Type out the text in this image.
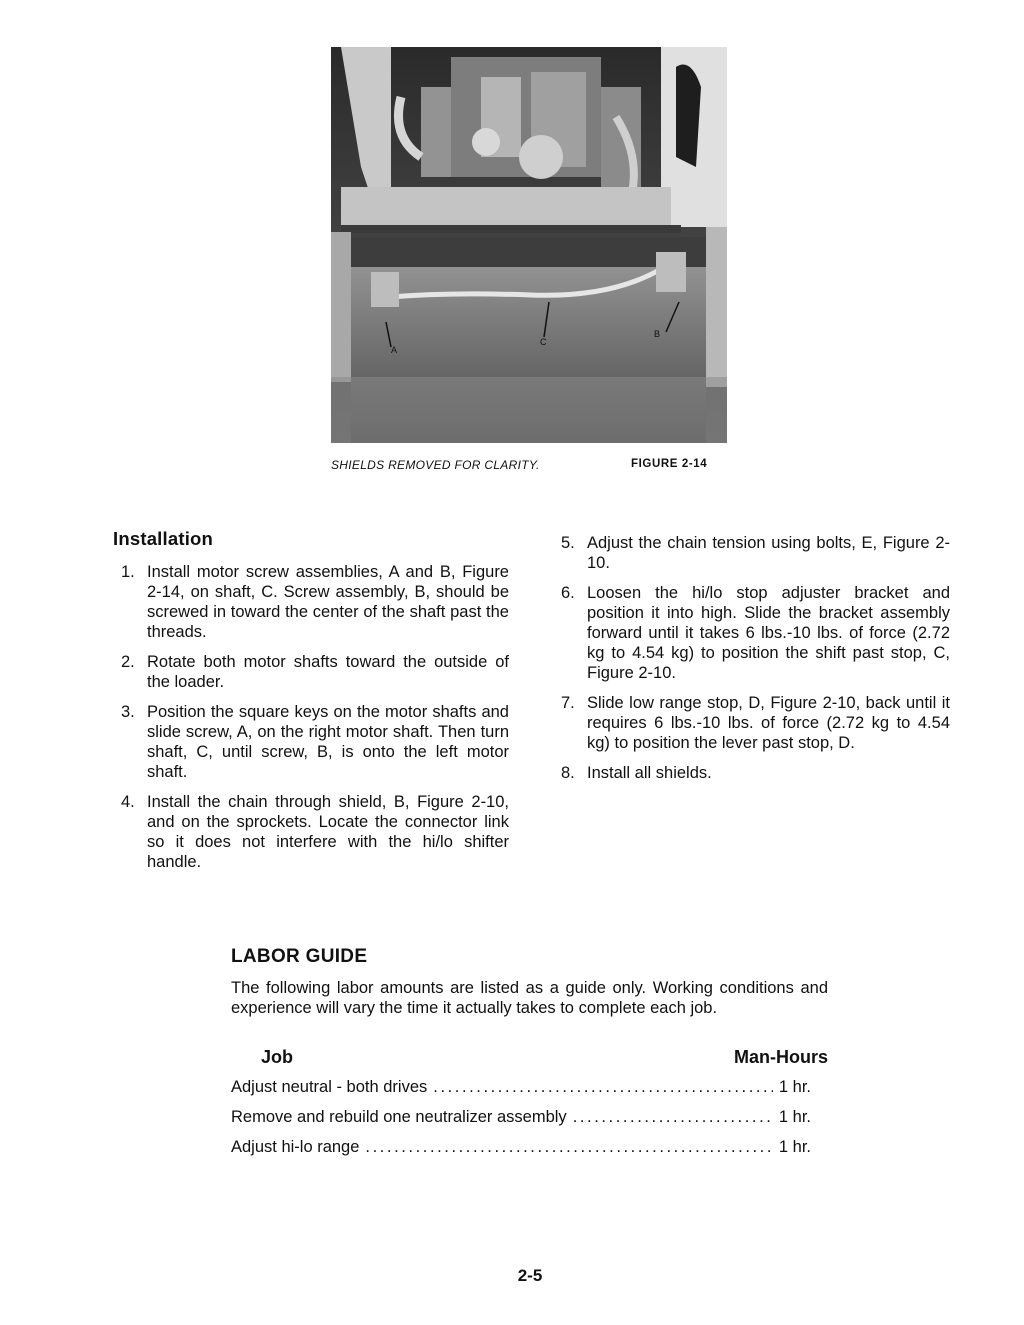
A
C
B
SHIELDS REMOVED FOR CLARITY.	FIGURE 2-14
Installation
1. Install motor screw assemblies, A and B, Figure 2-14, on shaft, C. Screw assembly, B, should be screwed in toward the center of the shaft past the threads.
2. Rotate both motor shafts toward the outside of the loader.
3. Position the square keys on the motor shafts and slide screw, A, on the right motor shaft. Then turn shaft, C, until screw, B, is onto the left motor shaft.
4. Install the chain through shield, B, Figure 2-10, and on the sprockets. Locate the connector link so it does not interfere with the hi/lo shifter handle.
5. Adjust the chain tension using bolts, E, Figure 2-10.
6. Loosen the hi/lo stop adjuster bracket and position it into high. Slide the bracket assembly forward until it takes 6 lbs.-10 lbs. of force (2.72 kg to 4.54 kg) to position the shift past stop, C, Figure 2-10.
7. Slide low range stop, D, Figure 2-10, back until it requires 6 lbs.-10 lbs. of force (2.72 kg to 4.54 kg) to position the lever past stop, D.
8. Install all shields.
LABOR GUIDE
The following labor amounts are listed as a guide only. Working conditions and experience will vary the time it actually takes to complete each job.
Job	Man-Hours
Adjust neutral - both drives . . .	1 hr.
Remove and rebuild one neutralizer assembly . . .	1 hr.
Adjust hi-lo range . . .	1 hr.
2-5
